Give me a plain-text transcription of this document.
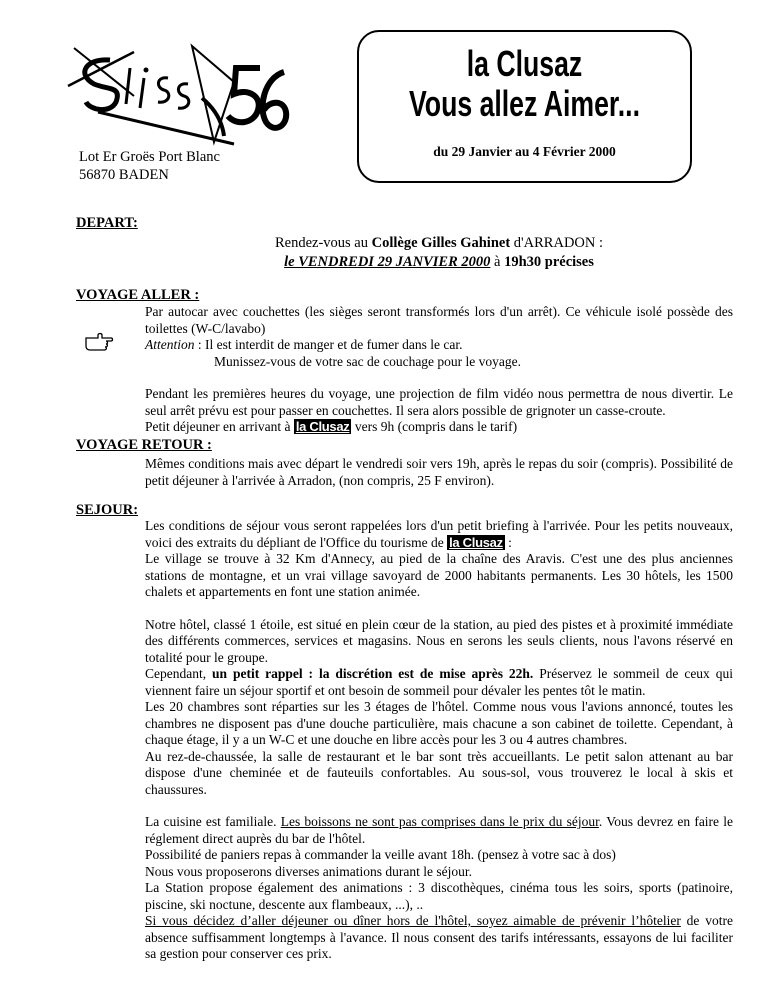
Lot Er Groës Port Blanc
56870 BADEN
la Clusaz
Vous allez Aimer...
du 29 Janvier au 4 Février 2000
DEPART:
Rendez-vous au Collège Gilles Gahinet d'ARRADON :
le VENDREDI 29 JANVIER 2000 à 19h30 précises
VOYAGE ALLER :

Par autocar avec couchettes (les sièges seront transformés lors d'un arrêt). Ce véhicule isolé possède des toilettes (W-C/lavabo)

Attention : Il est interdit de manger et de fumer dans le car.

Munissez-vous de votre sac de couchage pour le voyage.

Pendant les premières heures du voyage, une projection de film vidéo nous permettra de nous divertir. Le seul arrêt prévu est pour passer en couchettes. Il sera alors possible de grignoter un casse-croute.

Petit déjeuner en arrivant à la Clusaz vers 9h (compris dans le tarif)

VOYAGE RETOUR :

Mêmes conditions mais avec départ le vendredi soir vers 19h, après le repas du soir (compris). Possibilité de petit déjeuner à l'arrivée à Arradon, (non compris, 25 F environ).

SEJOUR:

Les conditions de séjour vous seront rappelées lors d'un petit briefing à l'arrivée. Pour les petits nouveaux, voici des extraits du dépliant de l'Office du tourisme de la Clusaz :

Le village se trouve à 32 Km d'Annecy, au pied de la chaîne des Aravis. C'est une des plus anciennes stations de montagne, et un vrai village savoyard de 2000 habitants permanents. Les 30 hôtels, les 1500 chalets et appartements en font une station animée.

Notre hôtel, classé 1 étoile, est situé en plein cœur de la station, au pied des pistes et à proximité immédiate des différents commerces, services et magasins. Nous en serons les seuls clients, nous l'avons réservé en totalité pour le groupe.

Cependant, un petit rappel : la discrétion est de mise après 22h. Préservez le sommeil de ceux qui viennent faire un séjour sportif et ont besoin de sommeil pour dévaler les pentes tôt le matin.

Les 20 chambres sont réparties sur les 3 étages de l'hôtel. Comme nous vous l'avions annoncé, toutes les chambres ne disposent pas d'une douche particulière, mais chacune a son cabinet de toilette. Cependant, à chaque étage, il y a un W-C et une douche en libre accès pour les 3 ou 4 autres chambres.

Au rez-de-chaussée, la salle de restaurant et le bar sont très accueillants. Le petit salon attenant au bar dispose d'une cheminée et de fauteuils confortables. Au sous-sol, vous trouverez le local à skis et chaussures.

La cuisine est familiale. Les boissons ne sont pas comprises dans le prix du séjour. Vous devrez en faire le réglement direct auprès du bar de l'hôtel.

Possibilité de paniers repas à commander la veille avant 18h. (pensez à votre sac à dos)

Nous vous proposerons diverses animations durant le séjour.

La Station propose également des animations : 3 discothèques, cinéma tous les soirs, sports (patinoire, piscine, ski noctune, descente aux flambeaux, ...), ..

Si vous décidez d’aller déjeuner ou dîner hors de l'hôtel, soyez aimable de prévenir l’hôtelier de votre absence suffisamment longtemps à l'avance. Il nous consent des tarifs intéressants, essayons de lui faciliter sa gestion pour conserver ces prix.
